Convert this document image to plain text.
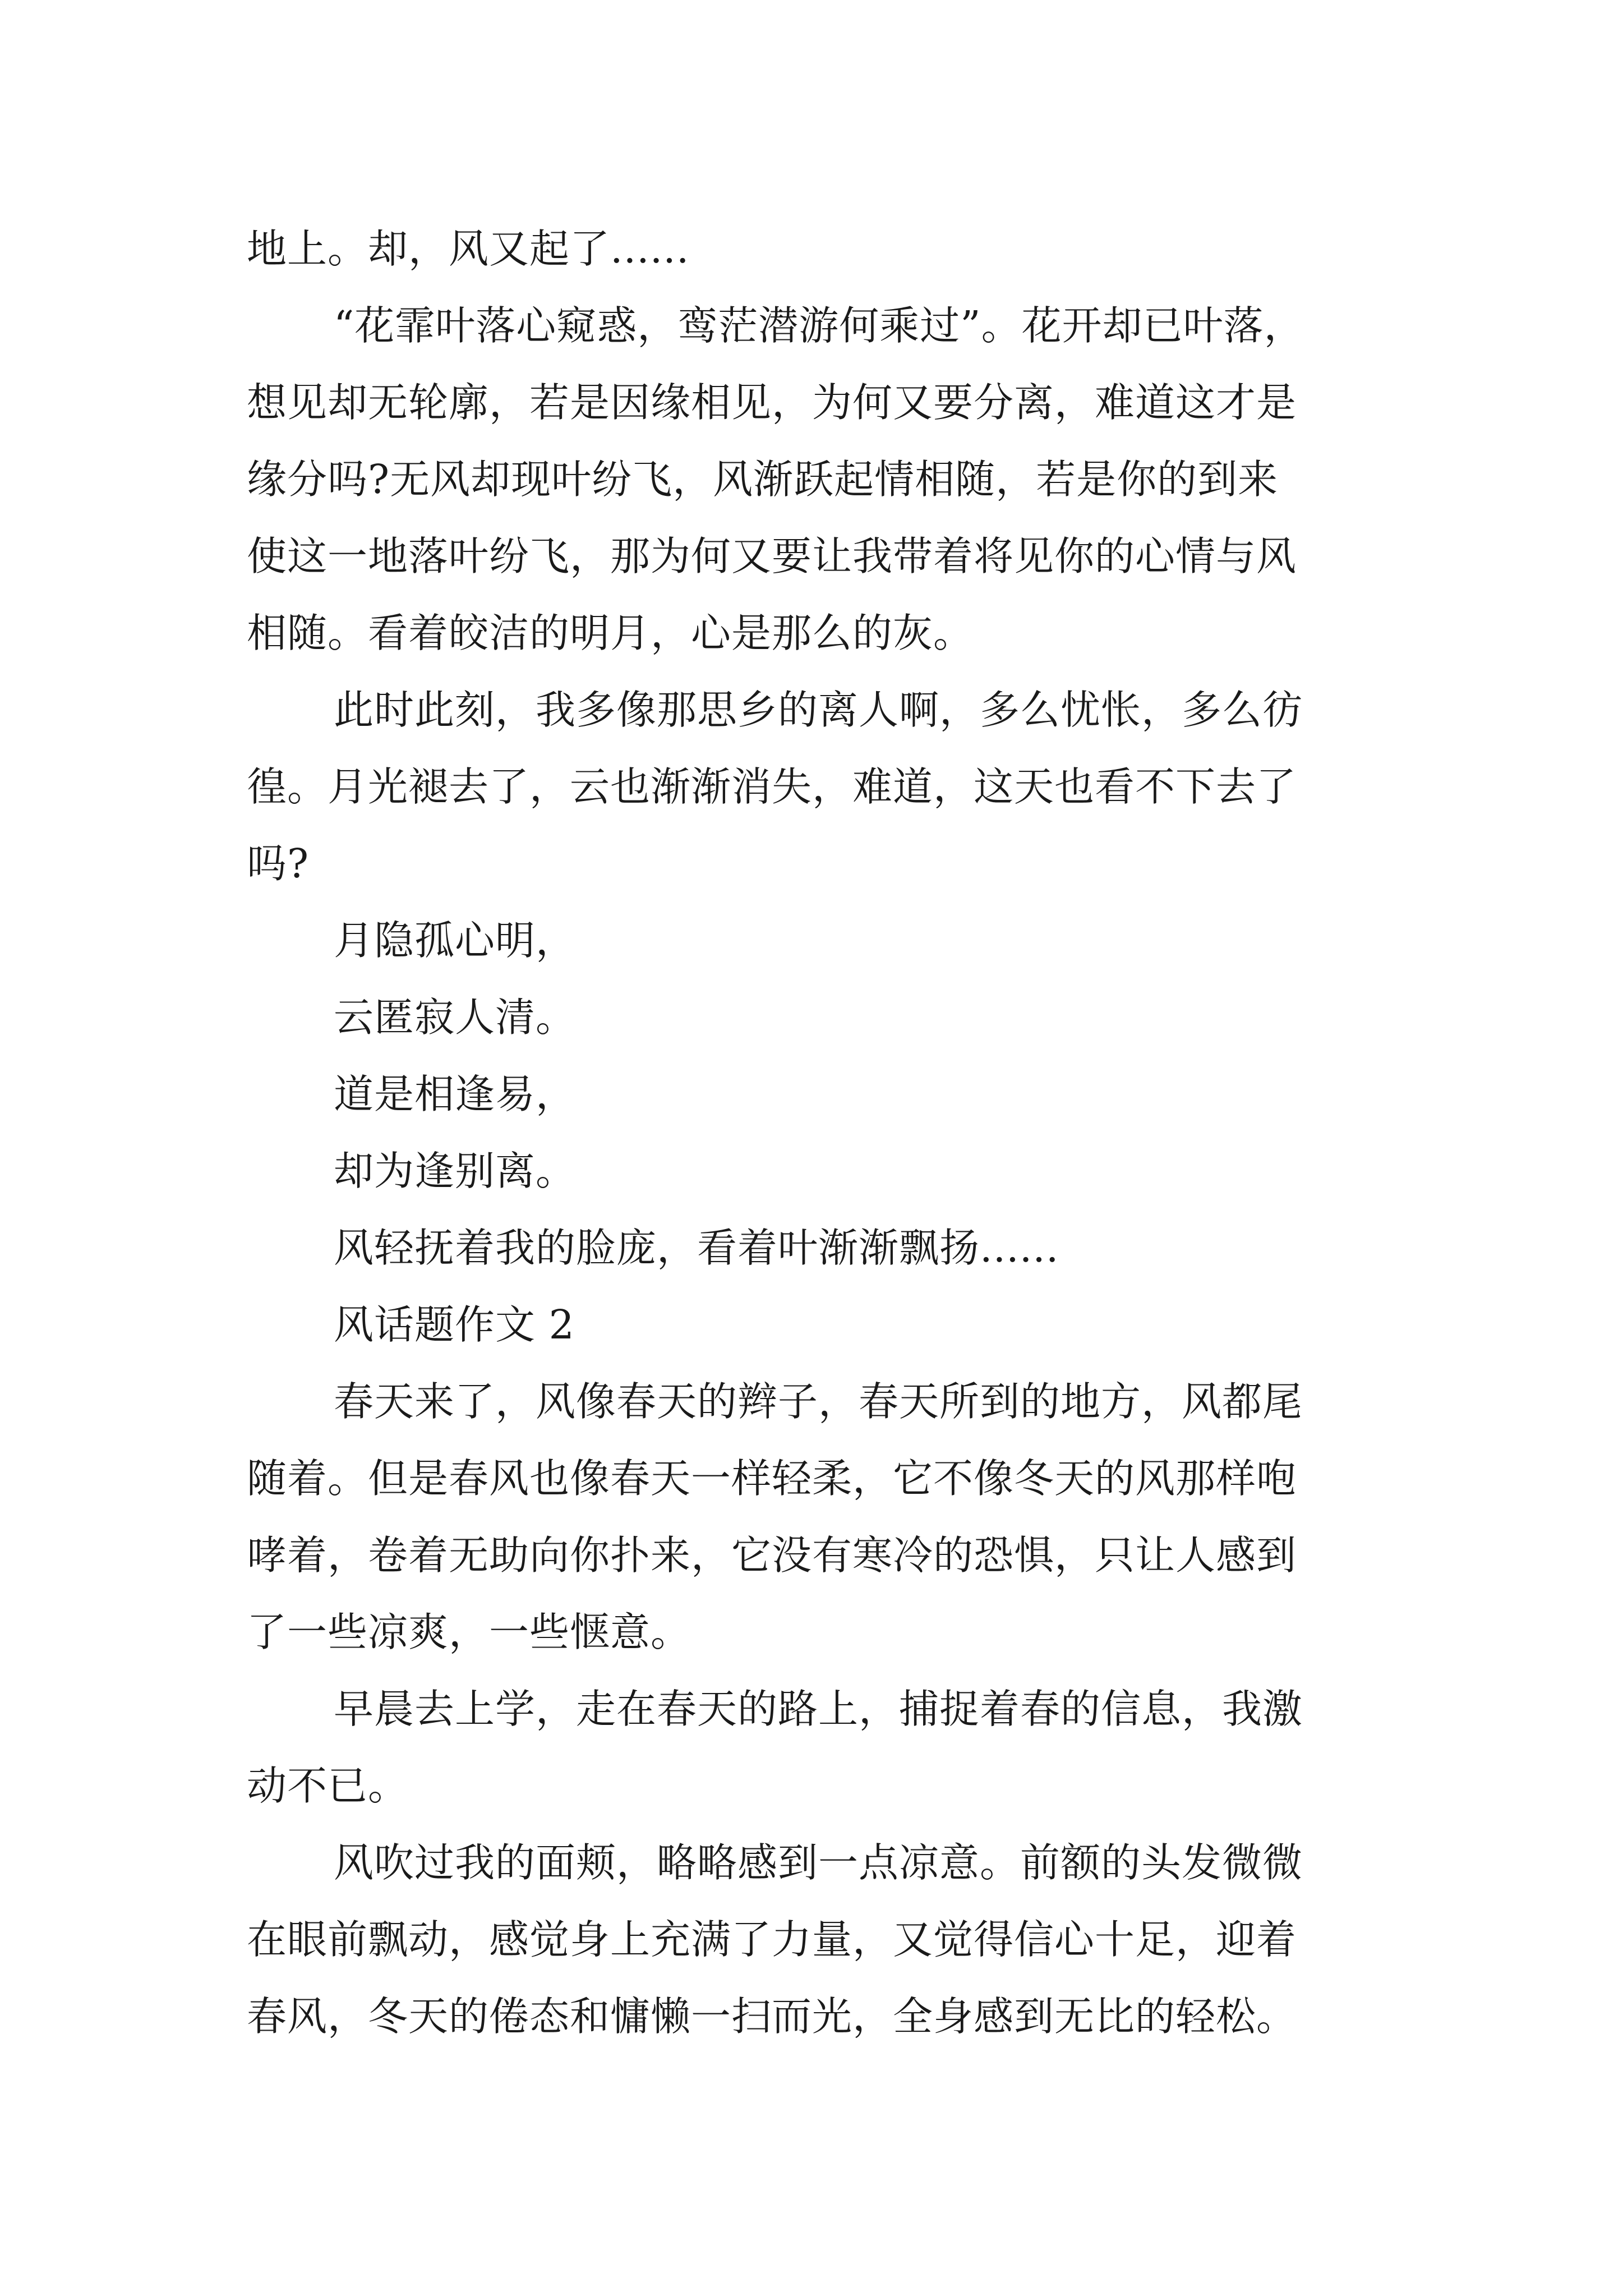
地上。却，风又起了......
“花霏叶落心窥惑，鸾茫潜游何乘过”。花开却已叶落，
想见却无轮廓，若是因缘相见，为何又要分离，难道这才是
缘分吗?无风却现叶纷飞，风渐跃起情相随，若是你的到来
使这一地落叶纷飞，那为何又要让我带着将见你的心情与风
相随。看着皎洁的明月，心是那么的灰。
此时此刻，我多像那思乡的离人啊，多么忧怅，多么彷
徨。月光褪去了，云也渐渐消失，难道，这天也看不下去了
吗?
月隐孤心明，
云匿寂人清。
道是相逢易，
却为逢别离。
风轻抚着我的脸庞，看着叶渐渐飘扬......
风话题作文 2
春天来了，风像春天的辫子，春天所到的地方，风都尾
随着。但是春风也像春天一样轻柔，它不像冬天的风那样咆
哮着，卷着无助向你扑来，它没有寒冷的恐惧，只让人感到
了一些凉爽，一些惬意。
早晨去上学，走在春天的路上，捕捉着春的信息，我激
动不已。
风吹过我的面颊，略略感到一点凉意。前额的头发微微
在眼前飘动，感觉身上充满了力量，又觉得信心十足，迎着
春风，冬天的倦态和慵懒一扫而光，全身感到无比的轻松。
